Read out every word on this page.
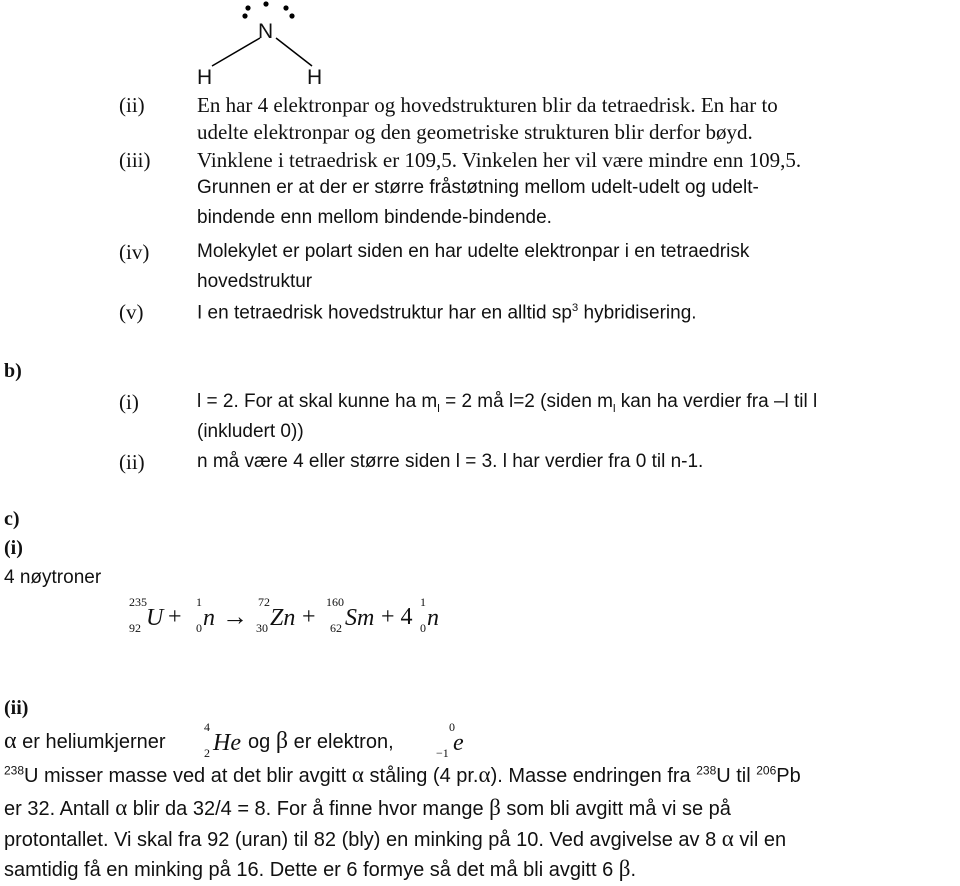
N
H	H
(ii) En har 4 elektronpar og hovedstrukturen blir da tetraedrisk. En har to
udelte elektronpar og den geometriske strukturen blir derfor bøyd.
(iii) Vinklene i tetraedrisk er 109,5. Vinkelen her vil være mindre enn 109,5.
Grunnen er at der er større fråstøtning mellom udelt-udelt og udelt-
bindende enn mellom bindende-bindende.
(iv)	Molekylet er polart siden en har udelte elektronpar i en tetraedrisk
hovedstruktur
(v)	I en tetraedrisk hovedstruktur har en alltid $sp^3$ hybridisering.
b)
(i)	l = 2. For at skal kunne ha $m_l = 2$ må l=2 (siden $m_l$ kan ha verdier fra –l til l
(inkludert 0))
(ii)	n må være 4 eller større siden l = 3. l har verdier fra 0 til n-1.
c)
(i)
4 nøytroner
235
92 U +
1
0 n → 72
30 Zn +
160
62 Sm + 4
1
0 n
(ii)
α er heliumkjerner
4
2 He og β er elektron,
0
−1 e
$^{238}$U misser masse ved at det blir avgitt α ståling (4 pr.α). Masse endringen fra $^{238}$U til $^{206}$Pb
er 32. Antall α blir da 32/4 = 8. For å finne hvor mange β som bli avgitt må vi se på
protontallet. Vi skal fra 92 (uran) til 82 (bly) en minking på 10. Ved avgivelse av 8 α vil en
samtidig få en minking på 16. Dette er 6 formye så det må bli avgitt 6 β.
